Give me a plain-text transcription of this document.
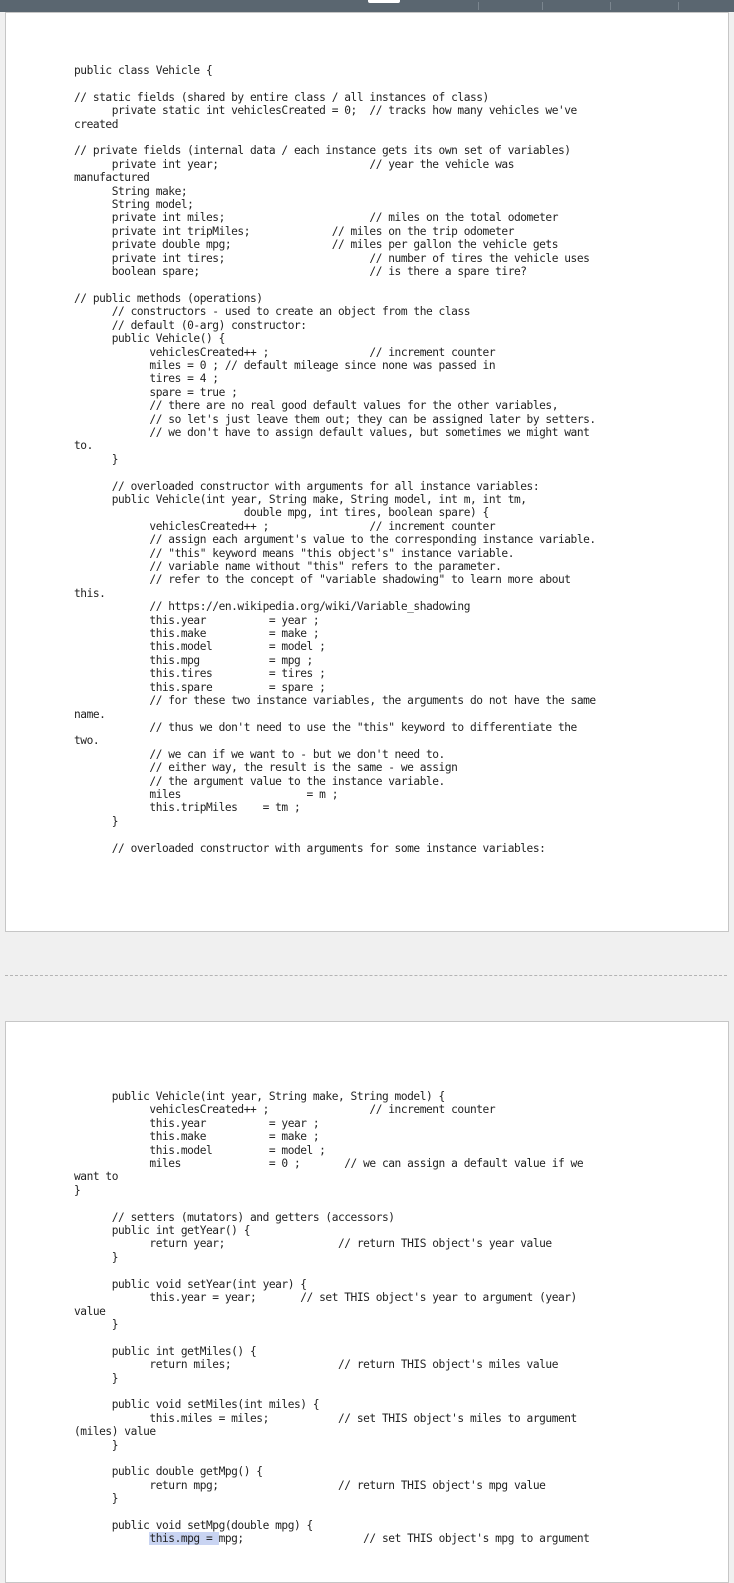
public class Vehicle {

// static fields (shared by entire class / all instances of class)
private static int vehiclesCreated = 0;  // tracks how many vehicles we've
created

// private fields (internal data / each instance gets its own set of variables)
private int year;                        // year the vehicle was
manufactured
String make;
String model;
private int miles;                       // miles on the total odometer
private int tripMiles;             // miles on the trip odometer
private double mpg;                // miles per gallon the vehicle gets
private int tires;                       // number of tires the vehicle uses
boolean spare;                           // is there a spare tire?

// public methods (operations)
// constructors - used to create an object from the class
// default (0-arg) constructor:
public Vehicle() {
vehiclesCreated++ ;                // increment counter
miles = 0 ; // default mileage since none was passed in
tires = 4 ;
spare = true ;
// there are no real good default values for the other variables,
// so let's just leave them out; they can be assigned later by setters.
// we don't have to assign default values, but sometimes we might want
to.
}

// overloaded constructor with arguments for all instance variables:
public Vehicle(int year, String make, String model, int m, int tm,
double mpg, int tires, boolean spare) {
vehiclesCreated++ ;                // increment counter
// assign each argument's value to the corresponding instance variable.
// "this" keyword means "this object's" instance variable.
// variable name without "this" refers to the parameter.
// refer to the concept of "variable shadowing" to learn more about
this.
// https://en.wikipedia.org/wiki/Variable_shadowing
this.year          = year ;
this.make          = make ;
this.model         = model ;
this.mpg           = mpg ;
this.tires         = tires ;
this.spare         = spare ;
// for these two instance variables, the arguments do not have the same
name.
// thus we don't need to use the "this" keyword to differentiate the
two.
// we can if we want to - but we don't need to.
// either way, the result is the same - we assign
// the argument value to the instance variable.
miles                    = m ;
this.tripMiles    = tm ;
}

// overloaded constructor with arguments for some instance variables:

public Vehicle(int year, String make, String model) {
vehiclesCreated++ ;                // increment counter
this.year          = year ;
this.make          = make ;
this.model         = model ;
miles              = 0 ;       // we can assign a default value if we
want to
}

// setters (mutators) and getters (accessors)
public int getYear() {
return year;                  // return THIS object's year value
}

public void setYear(int year) {
this.year = year;       // set THIS object's year to argument (year)
value
}

public int getMiles() {
return miles;                 // return THIS object's miles value
}

public void setMiles(int miles) {
this.miles = miles;           // set THIS object's miles to argument
(miles) value
}

public double getMpg() {
return mpg;                   // return THIS object's mpg value
}

public void setMpg(double mpg) {
this.mpg = mpg;                   // set THIS object's mpg to argument
